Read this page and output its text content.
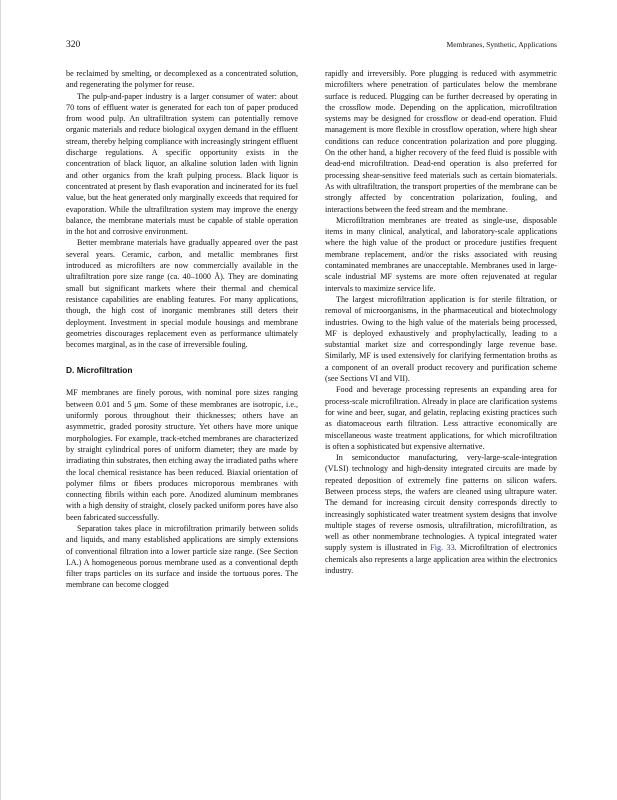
320	Membranes, Synthetic, Applications

be reclaimed by smelting, or decomplexed as a concentrated solution, and regenerating the polymer for reuse.

The pulp-and-paper industry is a larger consumer of water: about 70 tons of effluent water is generated for each ton of paper produced from wood pulp. An ultrafiltration system can potentially remove organic materials and reduce biological oxygen demand in the effluent stream, thereby helping compliance with increasingly stringent effluent discharge regulations. A specific opportunity exists in the concentration of black liquor, an alkaline solution laden with lignin and other organics from the kraft pulping process. Black liquor is concentrated at present by flash evaporation and incinerated for its fuel value, but the heat generated only marginally exceeds that required for evaporation. While the ultrafiltration system may improve the energy balance, the membrane materials must be capable of stable operation in the hot and corrosive environment.

Better membrane materials have gradually appeared over the past several years. Ceramic, carbon, and metallic membranes first introduced as microfilters are now commercially available in the ultrafiltration pore size range (ca. 40–1000 Å). They are dominating small but significant markets where their thermal and chemical resistance capabilities are enabling features. For many applications, though, the high cost of inorganic membranes still deters their deployment. Investment in special module housings and membrane geometries discourages replacement even as performance ultimately becomes marginal, as in the case of irreversible fouling.

D. Microfiltration

MF membranes are finely porous, with nominal pore sizes ranging between 0.01 and 5 μm. Some of these membranes are isotropic, i.e., uniformly porous throughout their thicknesses; others have an asymmetric, graded porosity structure. Yet others have more unique morphologies. For example, track-etched membranes are characterized by straight cylindrical pores of uniform diameter; they are made by irradiating thin substrates, then etching away the irradiated paths where the local chemical resistance has been reduced. Biaxial orientation of polymer films or fibers produces microporous membranes with connecting fibrils within each pore. Anodized aluminum membranes with a high density of straight, closely packed uniform pores have also been fabricated successfully.

Separation takes place in microfiltration primarily between solids and liquids, and many established applications are simply extensions of conventional filtration into a lower particle size range. (See Section I.A.) A homogeneous porous membrane used as a conventional depth filter traps particles on its surface and inside the tortuous pores. The membrane can become clogged

rapidly and irreversibly. Pore plugging is reduced with asymmetric microfilters where penetration of particulates below the membrane surface is reduced. Plugging can be further decreased by operating in the crossflow mode. Depending on the application, microfiltration systems may be designed for crossflow or dead-end operation. Fluid management is more flexible in crossflow operation, where high shear conditions can reduce concentration polarization and pore plugging. On the other hand, a higher recovery of the feed fluid is possible with dead-end microfiltration. Dead-end operation is also preferred for processing shear-sensitive feed materials such as certain biomaterials. As with ultrafiltration, the transport properties of the membrane can be strongly affected by concentration polarization, fouling, and interactions between the feed stream and the membrane.

Microfiltration membranes are treated as single-use, disposable items in many clinical, analytical, and laboratory-scale applications where the high value of the product or procedure justifies frequent membrane replacement, and/or the risks associated with reusing contaminated membranes are unacceptable. Membranes used in large-scale industrial MF systems are more often rejuvenated at regular intervals to maximize service life.

The largest microfiltration application is for sterile filtration, or removal of microorganisms, in the pharmaceutical and biotechnology industries. Owing to the high value of the materials being processed, MF is deployed exhaustively and prophylactically, leading to a substantial market size and correspondingly large revenue base. Similarly, MF is used extensively for clarifying fermentation broths as a component of an overall product recovery and purification scheme (see Sections VI and VII).

Food and beverage processing represents an expanding area for process-scale microfiltration. Already in place are clarification systems for wine and beer, sugar, and gelatin, replacing existing practices such as diatomaceous earth filtration. Less attractive economically are miscellaneous waste treatment applications, for which microfiltration is often a sophisticated but expensive alternative.

In semiconductor manufacturing, very-large-scale-integration (VLSI) technology and high-density integrated circuits are made by repeated deposition of extremely fine patterns on silicon wafers. Between process steps, the wafers are cleaned using ultrapure water. The demand for increasing circuit density corresponds directly to increasingly sophisticated water treatment system designs that involve multiple stages of reverse osmosis, ultrafiltration, microfiltration, as well as other nonmembrane technologies. A typical integrated water supply system is illustrated in Fig. 33. Microfiltration of electronics chemicals also represents a large application area within the electronics industry.
